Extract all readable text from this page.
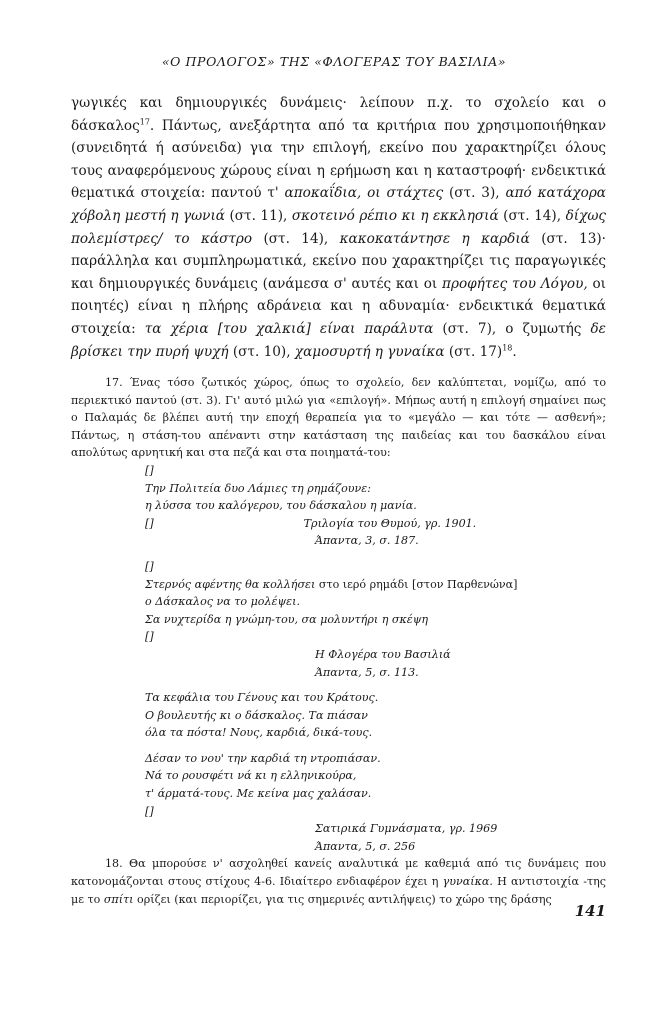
«Ο ΠΡΟΛΟΓΟΣ» ΤΗΣ «ΦΛΟΓΕΡΑΣ ΤΟΥ ΒΑΣΙΛΙΑ»

γωγικές και δημιουργικές δυνάμεις· λείπουν π.χ. το σχολείο και ο δάσκαλος$^{17}$. Πάντως, ανεξάρτητα από τα κριτήρια που χρησιμοποιήθηκαν (συνειδητά ή ασύνειδα) για την επιλογή, εκείνο που χαρακτηρίζει όλους τους αναφερόμενους χώρους είναι η ερήμωση και η καταστροφή· ενδεικτικά θεματικά στοιχεία: παντού τ' αποκαΐδια, οι στάχτες (στ. 3), από κατάχορα χόβολη μεστή η γωνιά (στ. 11), σκοτεινό ρέπιο κι η εκκλησιά (στ. 14), δίχως πολεμίστρες/ το κάστρο (στ. 14), κακοκατάντησε η καρδιά (στ. 13)· παράλληλα και συμπληρωματικά, εκείνο που χαρακτηρίζει τις παραγωγικές και δημιουργικές δυνάμεις (ανάμεσα σ' αυτές και οι προφήτες του Λόγου, οι ποιητές) είναι η πλήρης αδράνεια και η αδυναμία· ενδεικτικά θεματικά στοιχεία: τα χέρια [του χαλκιά] είναι παράλυτα (στ. 7), ο ζυμωτής δε βρίσκει την πυρή ψυχή (στ. 10), χαμοσυρτή η γυναίκα (στ. 17)$^{18}$.

17. Ένας τόσο ζωτικός χώρος, όπως το σχολείο, δεν καλύπτεται, νομίζω, από το περιεκτικό παντού (στ. 3). Γι' αυτό μιλώ για «επιλογή». Μήπως αυτή η επιλογή σημαίνει πως ο Παλαμάς δε βλέπει αυτή την εποχή θεραπεία για το «μεγάλο — και τότε — ασθενή»; Πάντως, η στάση-του απέναντι στην κατάσταση της παιδείας και του δασκάλου είναι απολύτως αρνητική και στα πεζά και στα ποιηματά-του:

[]
Την Πολιτεία δυο Λάμιες τη ρημάζουνε:
η λύσσα του καλόγερου, του δάσκαλου η μανία.
[]	Τριλογία του Θυμού, γρ. 1901.
Άπαντα, 3, σ. 187.
[]
Στερνός αφέντης θα κολλήσει στο ιερό ρημάδι [στον Παρθενώνα]
ο Δάσκαλος να το μολέψει.
Σα νυχτερίδα η γνώμη-του, σα μολυντήρι η σκέψη
[]
Η Φλογέρα του Βασιλιά
Άπαντα, 5, σ. 113.
Τα κεφάλια του Γένους και του Κράτους.
Ο βουλευτής κι ο δάσκαλος. Τα πιάσαν
όλα τα πόστα! Νους, καρδιά, δικά-τους.
Δέσαν το νου' την καρδιά τη ντροπιάσαν.
Νά το ρουσφέτι νά κι η ελληνικούρα,
τ' άρματά-τους. Με κείνα μας χαλάσαν.
[]
Σατιρικά Γυμνάσματα, γρ. 1969
Άπαντα, 5, σ. 256

18. Θα μπορούσε ν' ασχοληθεί κανείς αναλυτικά με καθεμιά από τις δυνάμεις που κατονομάζονται στους στίχους 4-6. Ιδιαίτερο ενδιαφέρον έχει η γυναίκα. Η αντιστοιχία -της με το σπίτι ορίζει (και περιορίζει, για τις σημερινές αντιλήψεις) το χώρο της δράσης

141
